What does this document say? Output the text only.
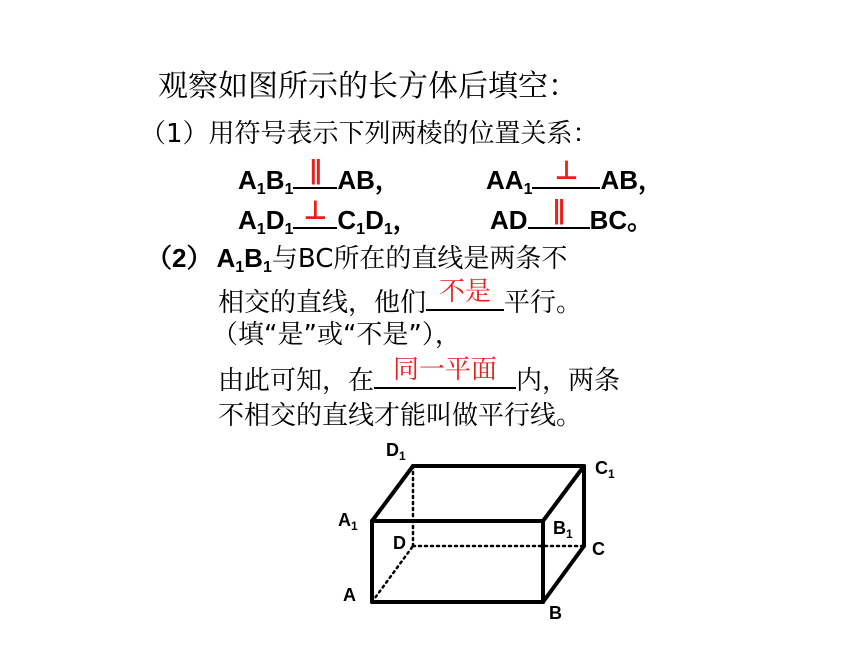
观察如图所示的长方体后填空：
（1）用符号表示下列两棱的位置关系：
$A_1B_1$
∥ AB，	$AA_1$
⊥ AB，
$A_1D_1$
⊥ $C_1D_1$，	AD ∥ BC。
（2） $A_1B_1$与BC所在的直线是两条不
相交的直线，他们 不是 平行。
（填“是”或“不是”），
由此可知，在 同一平面 内，两条
不相交的直线才能叫做平行线。
$D_1$
$C_1$
$A_1$	$B_1$
D	C
A
B
